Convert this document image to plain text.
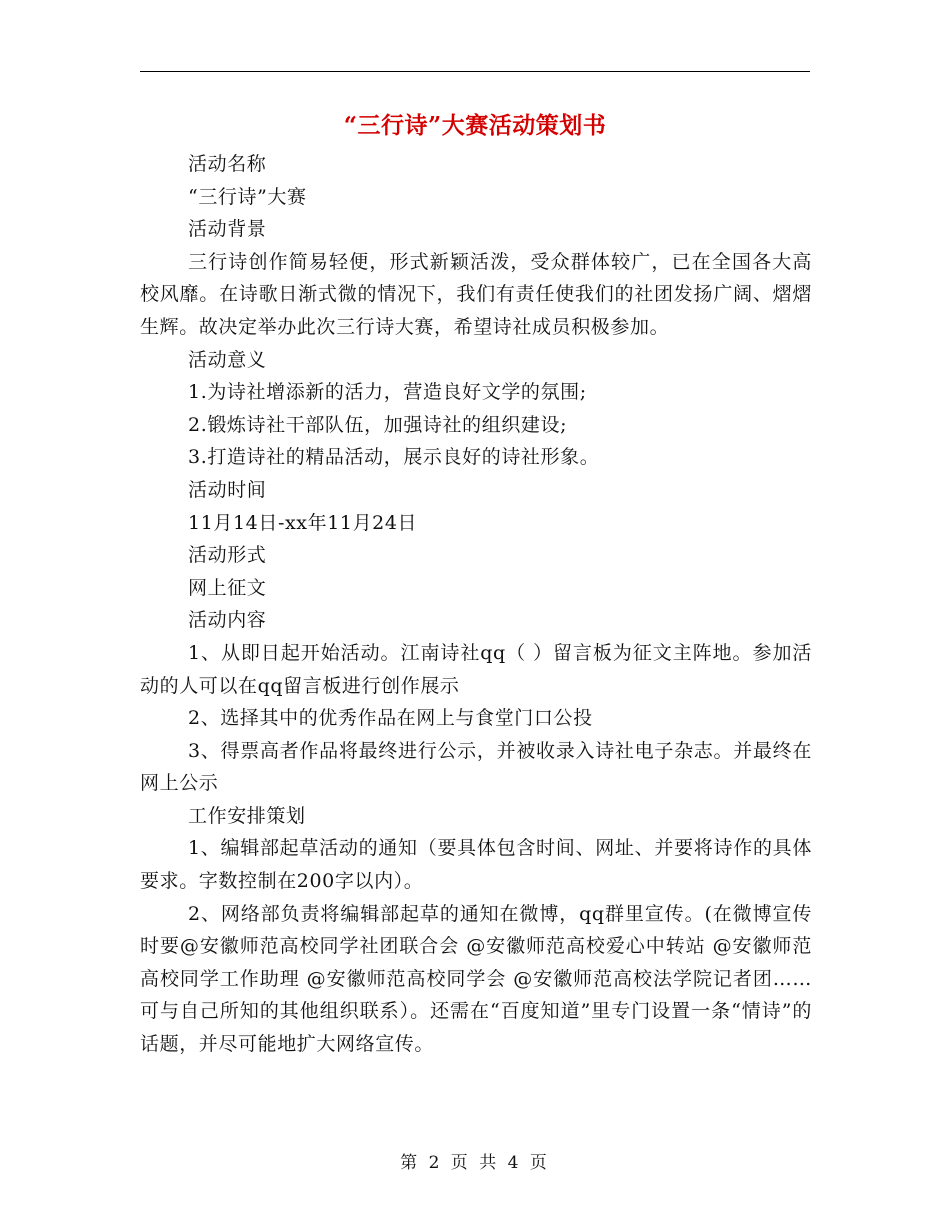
“三行诗”大赛活动策划书

活动名称

“三行诗”大赛

活动背景

三行诗创作简易轻便，形式新颖活泼，受众群体较广，已在全国各大高校风靡。在诗歌日渐式微的情况下，我们有责任使我们的社团发扬广阔、熠熠生辉。故决定举办此次三行诗大赛，希望诗社成员积极参加。

活动意义

1.为诗社增添新的活力，营造良好文学的氛围;

2.锻炼诗社干部队伍，加强诗社的组织建设;

3.打造诗社的精品活动，展示良好的诗社形象。

活动时间

11月14日-xx年11月24日

活动形式

网上征文

活动内容

1、从即日起开始活动。江南诗社qq（ ）留言板为征文主阵地。参加活动的人可以在qq留言板进行创作展示

2、选择其中的优秀作品在网上与食堂门口公投

3、得票高者作品将最终进行公示，并被收录入诗社电子杂志。并最终在网上公示

工作安排策划

1、编辑部起草活动的通知（要具体包含时间、网址、并要将诗作的具体要求。字数控制在200字以内）。

2、网络部负责将编辑部起草的通知在微博，qq群里宣传。(在微博宣传时要@安徽师范高校同学社团联合会 @安徽师范高校爱心中转站 @安徽师范高校同学工作助理 @安徽师范高校同学会 @安徽师范高校法学院记者团……可与自己所知的其他组织联系）。还需在“百度知道”里专门设置一条“情诗”的话题，并尽可能地扩大网络宣传。

第 2 页 共 4 页
